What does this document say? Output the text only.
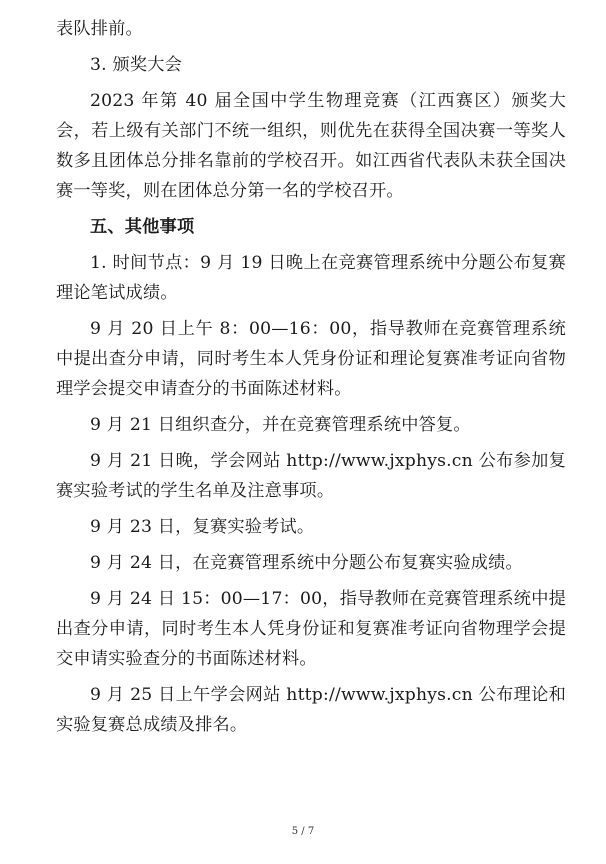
表队排前。

3. 颁奖大会

2023 年第 40 届全国中学生物理竞赛（江西赛区）颁奖大会，若上级有关部门不统一组织，则优先在获得全国决赛一等奖人数多且团体总分排名靠前的学校召开。如江西省代表队未获全国决赛一等奖，则在团体总分第一名的学校召开。

五、其他事项

1. 时间节点：9 月 19 日晚上在竞赛管理系统中分题公布复赛理论笔试成绩。

9 月 20 日上午 8：00—16：00，指导教师在竞赛管理系统中提出查分申请，同时考生本人凭身份证和理论复赛准考证向省物理学会提交申请查分的书面陈述材料。

9 月 21 日组织查分，并在竞赛管理系统中答复。

9 月 21 日晚，学会网站 http://www.jxphys.cn 公布参加复赛实验考试的学生名单及注意事项。

9 月 23 日，复赛实验考试。

9 月 24 日，在竞赛管理系统中分题公布复赛实验成绩。

9 月 24 日 15：00—17：00，指导教师在竞赛管理系统中提出查分申请，同时考生本人凭身份证和复赛准考证向省物理学会提交申请实验查分的书面陈述材料。

9 月 25 日上午学会网站 http://www.jxphys.cn 公布理论和实验复赛总成绩及排名。

5 / 7
